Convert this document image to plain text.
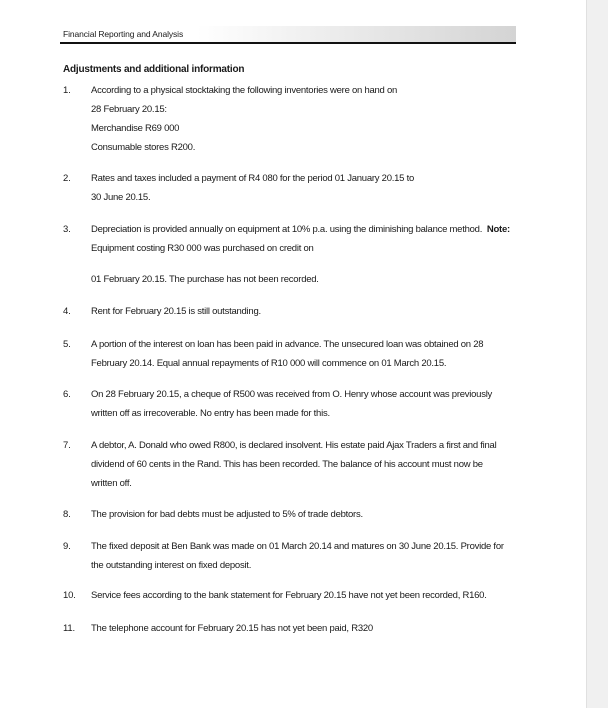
Financial Reporting and Analysis
Adjustments and additional information
1. According to a physical stocktaking the following inventories were on hand on
28 February 20.15:
Merchandise R69 000
Consumable stores R200.
2. Rates and taxes included a payment of R4 080 for the period 01 January 20.15 to
30 June 20.15.
3. Depreciation is provided annually on equipment at 10% p.a. using the diminishing balance method. Note:
Equipment costing R30 000 was purchased on credit on
01 February 20.15. The purchase has not been recorded.
4. Rent for February 20.15 is still outstanding.
5. A portion of the interest on loan has been paid in advance. The unsecured loan was obtained on 28
February 20.14. Equal annual repayments of R10 000 will commence on 01 March 20.15.
6. On 28 February 20.15, a cheque of R500 was received from O. Henry whose account was previously
written off as irrecoverable. No entry has been made for this.
7. A debtor, A. Donald who owed R800, is declared insolvent. His estate paid Ajax Traders a first and final
dividend of 60 cents in the Rand. This has been recorded. The balance of his account must now be
written off.
8. The provision for bad debts must be adjusted to 5% of trade debtors.
9. The fixed deposit at Ben Bank was made on 01 March 20.14 and matures on 30 June 20.15. Provide for
the outstanding interest on fixed deposit.
10. Service fees according to the bank statement for February 20.15 have not yet been recorded, R160.
11. The telephone account for February 20.15 has not yet been paid, R320
